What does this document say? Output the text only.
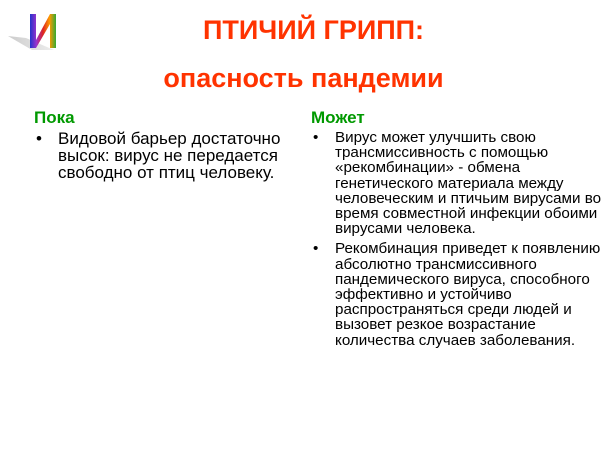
ПТИЧИЙ ГРИПП:
опасность пандемии
Пока
• Видовой барьер достаточно высок: вирус не передается свободно от птиц человеку.
Может
• Вирус может улучшить свою трансмиссивность с помощью «рекомбинации» - обмена генетического материала между человеческим и птичьим вирусами во время совместной инфекции обоими вирусами человека.
• Рекомбинация приведет к появлению абсолютно трансмиссивного пандемического вируса, способного эффективно и устойчиво распространяться среди людей и вызовет резкое возрастание количества случаев заболевания.
